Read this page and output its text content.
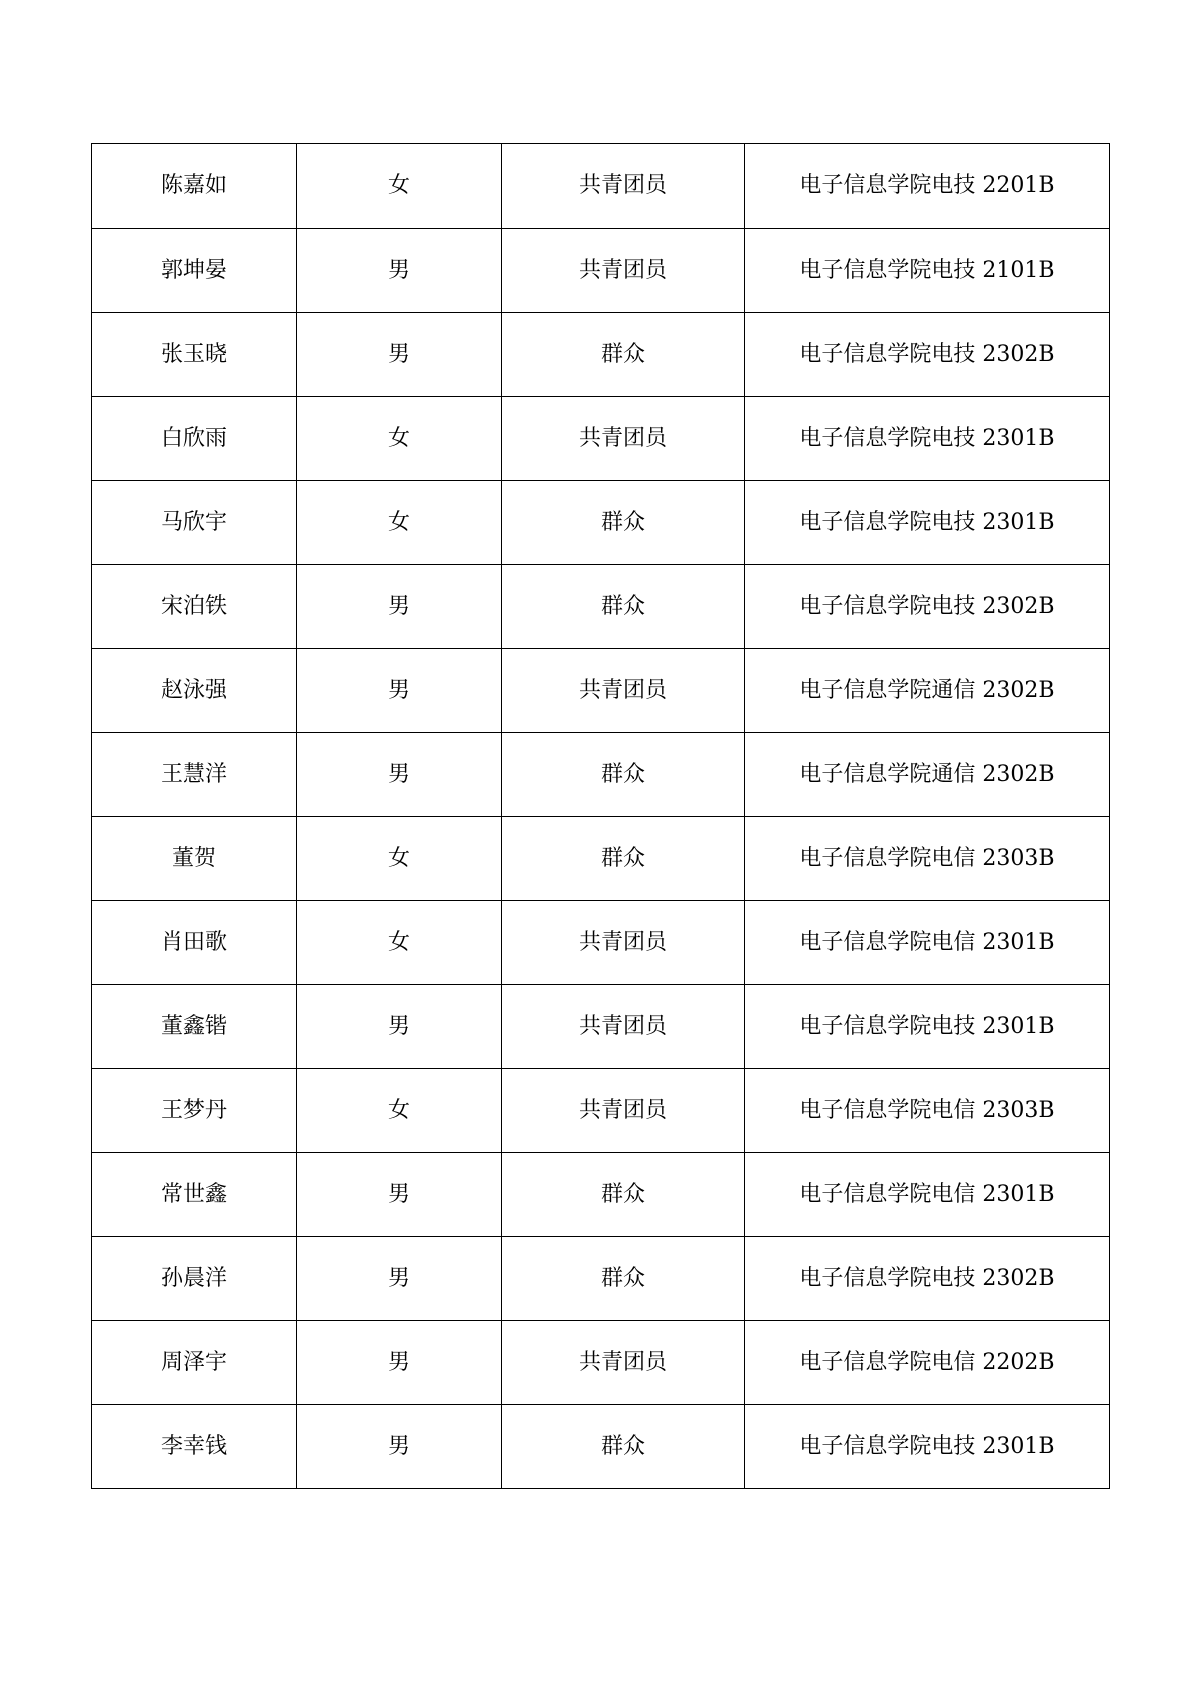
陈嘉如	女	共青团员	电子信息学院电技 2201B
郭坤晏	男	共青团员	电子信息学院电技 2101B
张玉晓	男	群众	电子信息学院电技 2302B
白欣雨	女	共青团员	电子信息学院电技 2301B
马欣宇	女	群众	电子信息学院电技 2301B
宋泊铁	男	群众	电子信息学院电技 2302B
赵泳强	男	共青团员	电子信息学院通信 2302B
王慧洋	男	群众	电子信息学院通信 2302B
董贺	女	群众	电子信息学院电信 2303B
肖田歌	女	共青团员	电子信息学院电信 2301B
董鑫锴	男	共青团员	电子信息学院电技 2301B
王梦丹	女	共青团员	电子信息学院电信 2303B
常世鑫	男	群众	电子信息学院电信 2301B
孙晨洋	男	群众	电子信息学院电技 2302B
周泽宇	男	共青团员	电子信息学院电信 2202B
李幸钱	男	群众	电子信息学院电技 2301B
